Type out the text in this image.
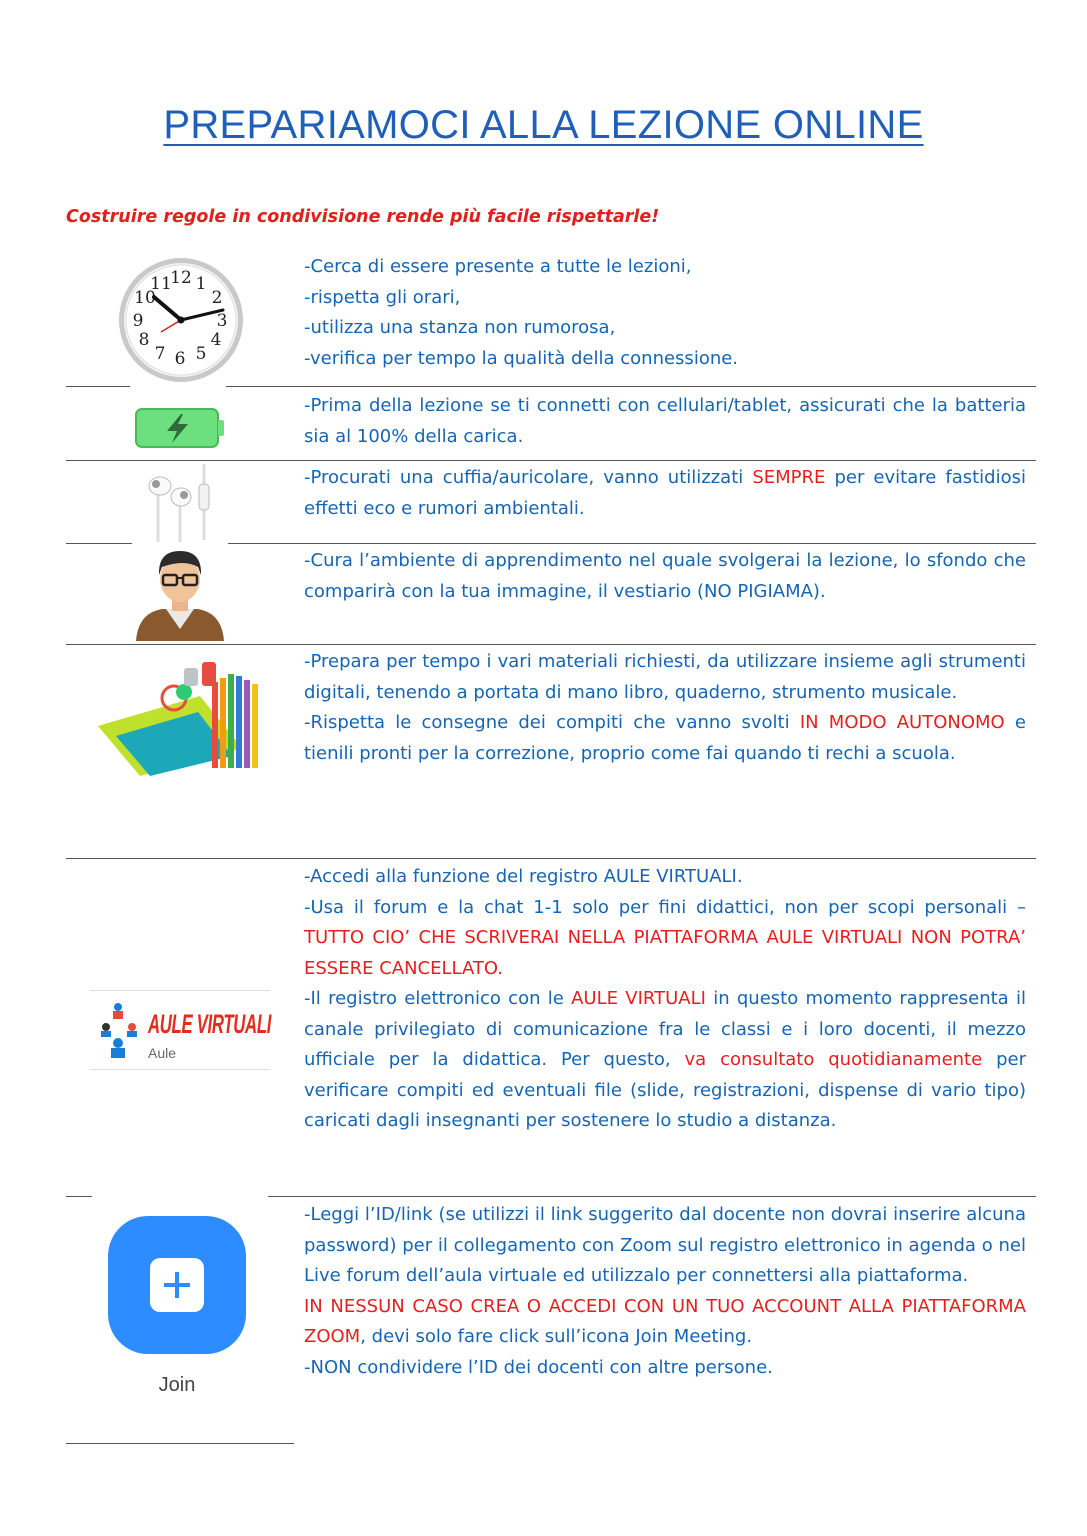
PREPARIAMOCI ALLA LEZIONE ONLINE
Costruire regole in condivisione rende più facile rispettarle!
12 1
2
3
4
5
6
7
8
9
10
11

-Cerca di essere presente a tutte le lezioni,

-rispetta gli orari,

-utilizza una stanza non rumorosa,

-verifica per tempo la qualità della connessione.

-Prima della lezione se ti connetti con cellulari/tablet, assicurati che la batteria sia al 100% della carica.
-Procurati una cuffia/auricolare, vanno utilizzati SEMPRE per evitare fastidiosi effetti eco e rumori ambientali.
-Cura l’ambiente di apprendimento nel quale svolgerai la lezione, lo sfondo che comparirà con la tua immagine, il vestiario (NO PIGIAMA).

-Prepara per tempo i vari materiali richiesti, da utilizzare insieme agli strumenti digitali, tenendo a portata di mano libro, quaderno, strumento musicale.

-Rispetta le consegne dei compiti che vanno svolti IN MODO AUTONOMO e tienili pronti per la correzione, proprio come fai quando ti rechi a scuola.

AULE VIRTUALI
Aule

-Accedi alla funzione del registro AULE VIRTUALI.

-Usa il forum e la chat 1-1 solo per fini didattici, non per scopi personali – TUTTO CIO’ CHE SCRIVERAI NELLA PIATTAFORMA AULE VIRTUALI NON POTRA’ ESSERE CANCELLATO.

-Il registro elettronico con le AULE VIRTUALI in questo momento rappresenta il canale privilegiato di comunicazione fra le classi e i loro docenti, il mezzo ufficiale per la didattica. Per questo, va consultato quotidianamente per verificare compiti ed eventuali file (slide, registrazioni, dispense di vario tipo) caricati dagli insegnanti per sostenere lo studio a distanza.

Join

-Leggi l’ID/link (se utilizzi il link suggerito dal docente non dovrai inserire alcuna password) per il collegamento con Zoom sul registro elettronico in agenda o nel Live forum dell’aula virtuale ed utilizzalo per connettersi alla piattaforma.

IN NESSUN CASO CREA O ACCEDI CON UN TUO ACCOUNT ALLA PIATTAFORMA ZOOM, devi solo fare click sull’icona Join Meeting.

-NON condividere l’ID dei docenti con altre persone.
